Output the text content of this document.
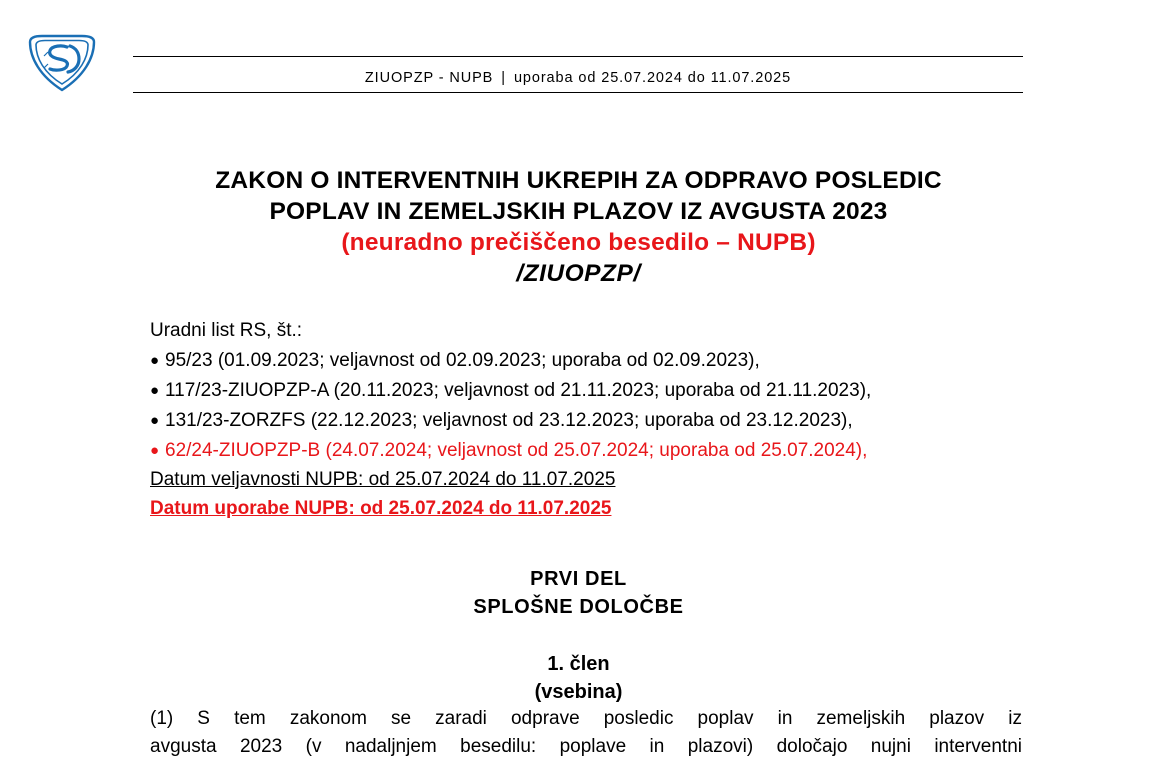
ZIUOPZP - NUPB | uporaba od 25.07.2024 do 11.07.2025
ZAKON O INTERVENTNIH UKREPIH ZA ODPRAVO POSLEDIC
POPLAV IN ZEMELJSKIH PLAZOV IZ AVGUSTA 2023
(neuradno prečiščeno besedilo – NUPB)
/ZIUOPZP/
Uradni list RS, št.:
● 95/23 (01.09.2023; veljavnost od 02.09.2023; uporaba od 02.09.2023),
● 117/23-ZIUOPZP-A (20.11.2023; veljavnost od 21.11.2023; uporaba od 21.11.2023),
● 131/23-ZORZFS (22.12.2023; veljavnost od 23.12.2023; uporaba od 23.12.2023),
● 62/24-ZIUOPZP-B (24.07.2024; veljavnost od 25.07.2024; uporaba od 25.07.2024),
Datum veljavnosti NUPB: od 25.07.2024 do 11.07.2025
Datum uporabe NUPB: od 25.07.2024 do 11.07.2025
PRVI DEL
SPLOŠNE DOLOČBE
1. člen
(vsebina)
(1) S tem zakonom se zaradi odprave posledic poplav in zemeljskih plazov iz
avgusta 2023 (v nadaljnjem besedilu: poplave in plazovi) določajo nujni interventni
